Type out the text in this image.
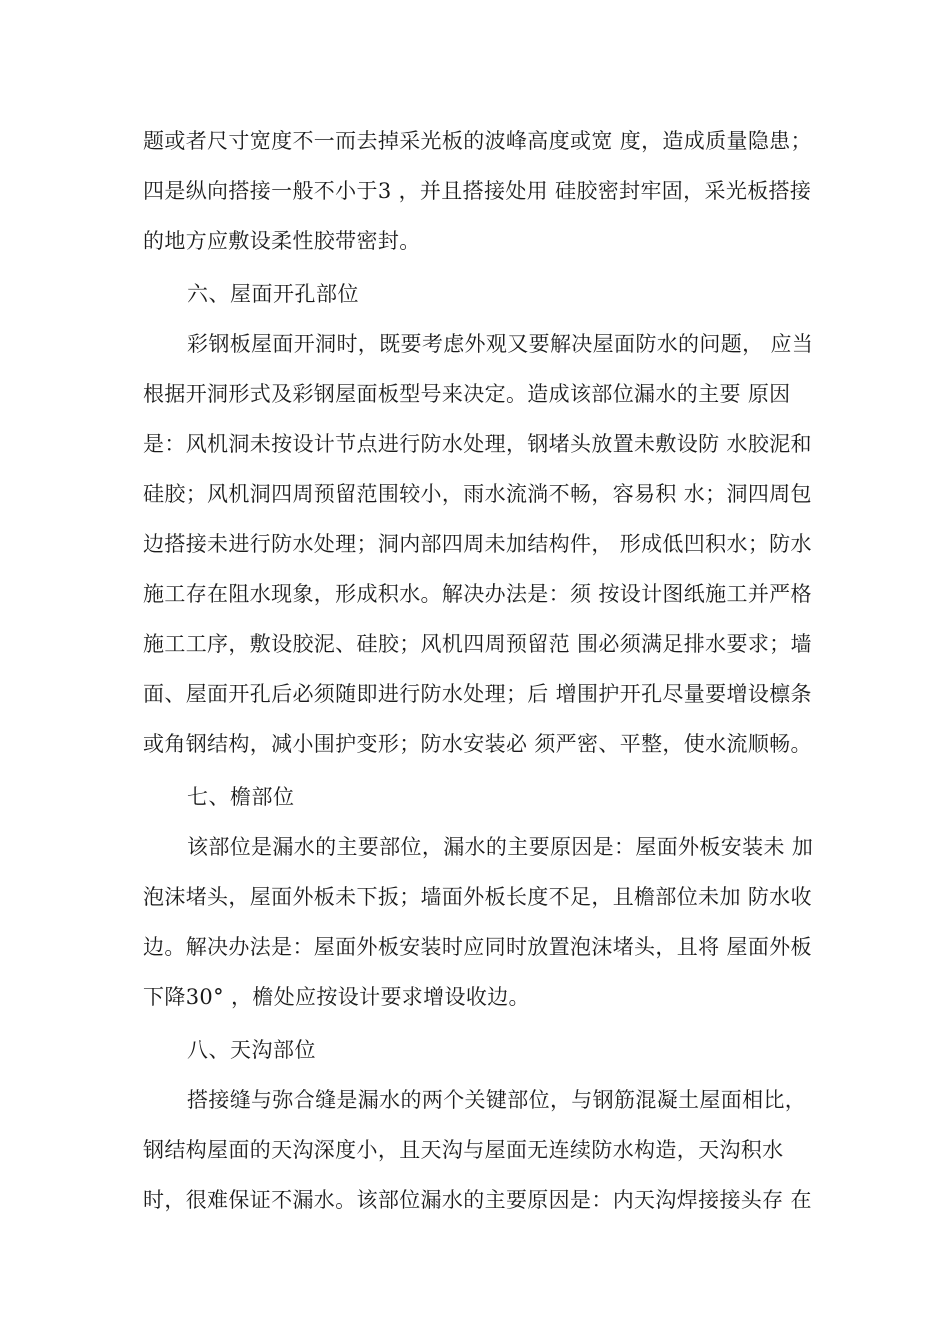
题或者尺寸宽度不一而去掉采光板的波峰高度或宽 度，造成质量隐患；
四是纵向搭接一般不小于3 ，并且搭接处用 硅胶密封牢固，采光板搭接
的地方应敷设柔性胶带密封。
六、屋面开孔部位
彩钢板屋面开洞时，既要考虑外观又要解决屋面防水的问题， 应当
根据开洞形式及彩钢屋面板型号来决定。造成该部位漏水的主要 原因
是：风机洞未按设计节点进行防水处理，钢堵头放置未敷设防 水胶泥和
硅胶；风机洞四周预留范围较小，雨水流淌不畅，容易积 水；洞四周包
边搭接未进行防水处理；洞内部四周未加结构件， 形成低凹积水；防水
施工存在阻水现象，形成积水。解决办法是：须 按设计图纸施工并严格
施工工序，敷设胶泥、硅胶；风机四周预留范 围必须满足排水要求；墙
面、屋面开孔后必须随即进行防水处理；后 增围护开孔尽量要增设檩条
或角钢结构，减小围护变形；防水安装必 须严密、平整，使水流顺畅。
七、檐部位
该部位是漏水的主要部位，漏水的主要原因是：屋面外板安装未 加
泡沫堵头，屋面外板未下扳；墙面外板长度不足，且檐部位未加 防水收
边。解决办法是：屋面外板安装时应同时放置泡沫堵头，且将 屋面外板
下降30° ，檐处应按设计要求增设收边。
八、天沟部位
搭接缝与弥合缝是漏水的两个关键部位，与钢筋混凝土屋面相比，
钢结构屋面的天沟深度小，且天沟与屋面无连续防水构造，天沟积水
时，很难保证不漏水。该部位漏水的主要原因是：内天沟焊接接头存 在
